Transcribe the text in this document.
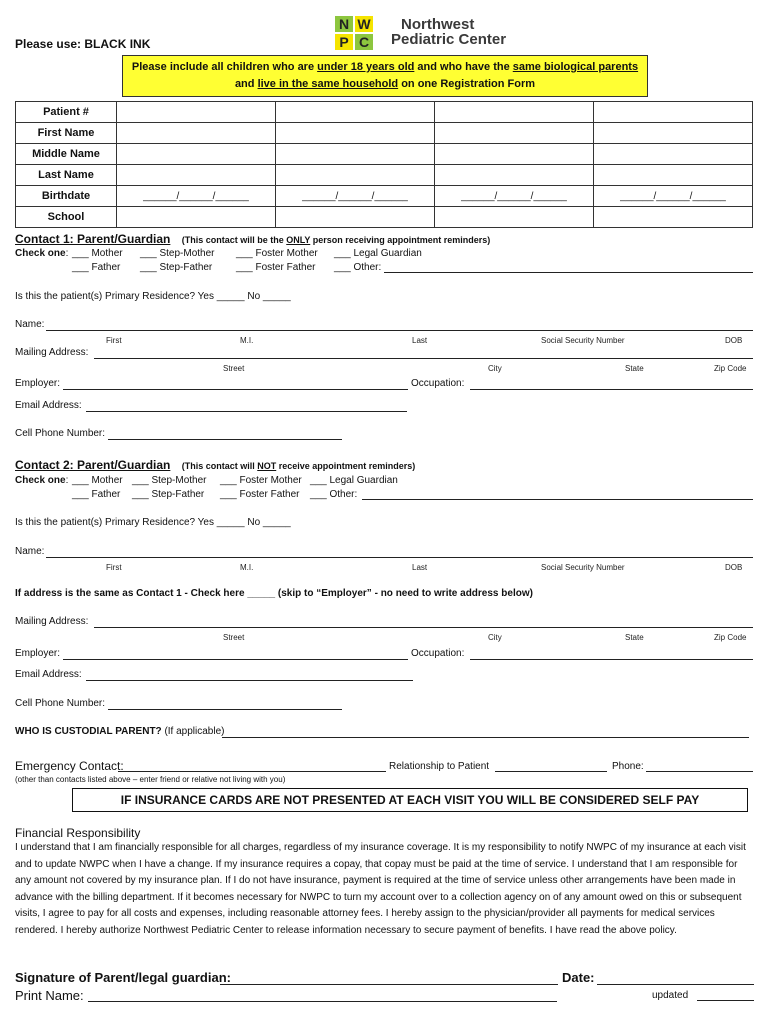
Please use: BLACK INK
N W
P C
Northwest
Pediatric Center
Please include all children who are under 18 years old and who have the same biological parents
and live in the same household on one Registration Form
Patient #				
First Name				
Middle Name				
Last Name				
Birthdate	______/______/______	______/______/______	______/______/______	______/______/______
School				
Contact 1: Parent/Guardian (This contact will be the ONLY person receiving appointment reminders)
Check one: ___ Mother ___ Step-Mother ___ Foster Mother ___ Legal Guardian
___ Father ___ Step-Father ___ Foster Father ___ Other:
Is this the patient(s) Primary Residence? Yes _____ No _____
Name:
First	M.I.	Last	Social Security Number	DOB
Mailing Address:
Street	City	State	Zip Code
Employer:	Occupation:
Email Address:
Cell Phone Number:
Contact 2: Parent/Guardian (This contact will NOT receive appointment reminders)
Check one: ___ Mother ___ Step-Mother ___ Foster Mother ___ Legal Guardian
___ Father ___ Step-Father ___ Foster Father ___ Other:
Is this the patient(s) Primary Residence? Yes _____ No _____
Name:
First	M.I.	Last	Social Security Number	DOB
If address is the same as Contact 1 - Check here _____ (skip to “Employer” - no need to write address below)
Mailing Address:
Street	City	State	Zip Code
Employer:	Occupation:
Email Address:
Cell Phone Number:
WHO IS CUSTODIAL PARENT? (If applicable)
Emergency Contact:	Relationship to Patient	Phone:
(other than contacts listed above – enter friend or relative not living with you)
IF INSURANCE CARDS ARE NOT PRESENTED AT EACH VISIT YOU WILL BE CONSIDERED SELF PAY
Financial Responsibility
I understand that I am financially responsible for all charges, regardless of my insurance coverage. It is my responsibility to notify NWPC of my insurance at each visit and to update NWPC when I have a change. If my insurance requires a copay, that copay must be paid at the time of service. I understand that I am responsible for any amount not covered by my insurance plan. If I do not have insurance, payment is required at the time of service unless other arrangements have been made in advance with the billing department. If it becomes necessary for NWPC to turn my account over to a collection agency on of any amount owed on this or subsequent visits, I agree to pay for all costs and expenses, including reasonable attorney fees. I hereby assign to the physician/provider all payments for medical services rendered. I hereby authorize Northwest Pediatric Center to release information necessary to secure payment of benefits. I have read the above policy.
Signature of Parent/legal guardian:	Date:
Print Name:	updated
